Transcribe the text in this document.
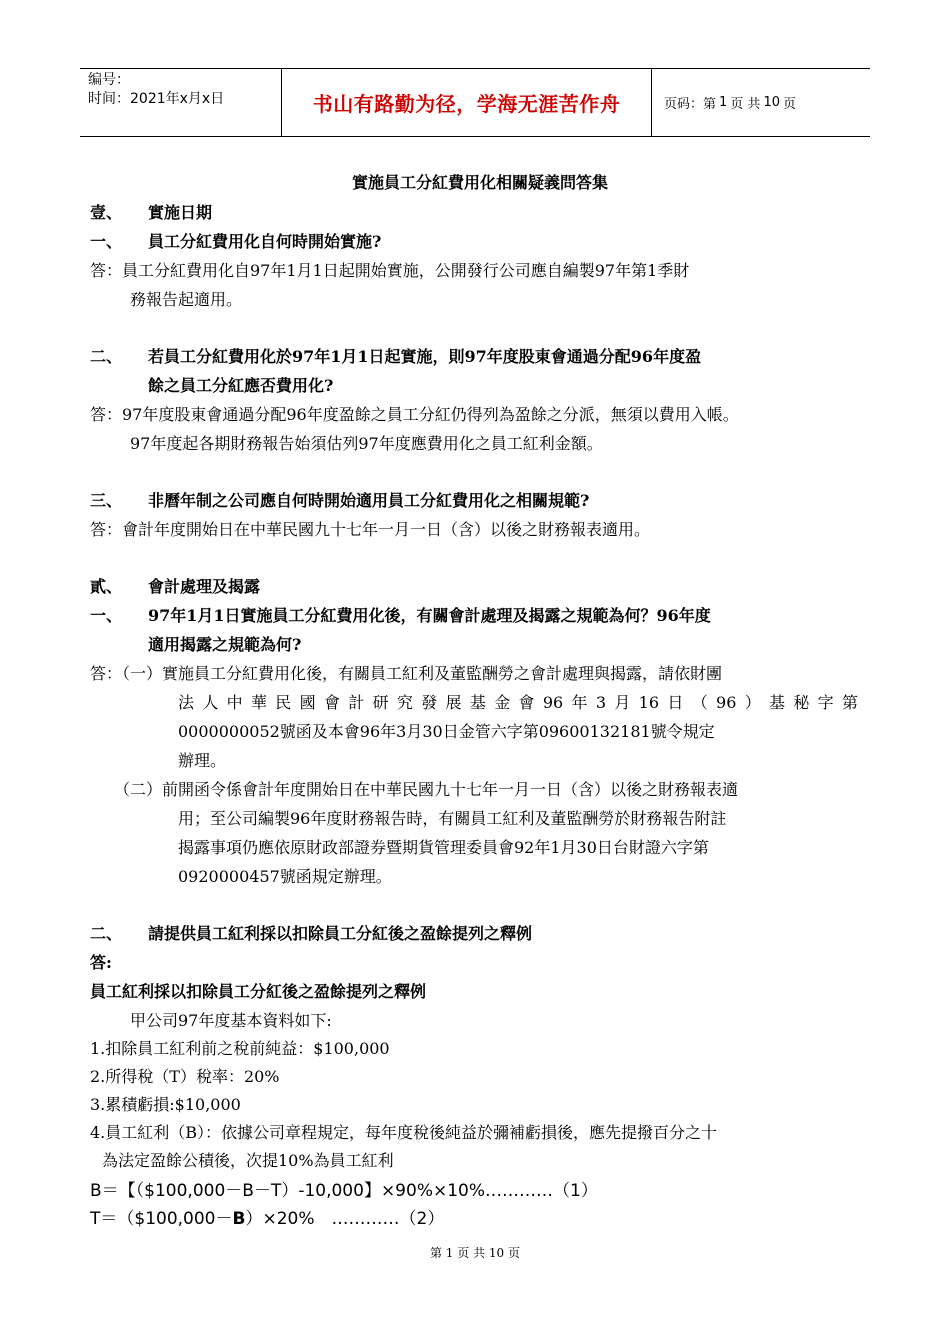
编号：
时间：2021年x月x日	书山有路勤为径，学海无涯苦作舟	页码：第 1 页 共 10 页
實施員工分紅費用化相關疑義問答集
壹、 實施日期
一、 員工分紅費用化自何時開始實施?
答：員工分紅費用化自97年1月1日起開始實施，公開發行公司應自編製97年第1季財
務報告起適用。
二、 若員工分紅費用化於97年1月1日起實施，則97年度股東會通過分配96年度盈
餘之員工分紅應否費用化?
答：97年度股東會通過分配96年度盈餘之員工分紅仍得列為盈餘之分派，無須以費用入帳。
97年度起各期財務報告始須估列97年度應費用化之員工紅利金額。
三、 非曆年制之公司應自何時開始適用員工分紅費用化之相關規範?
答：會計年度開始日在中華民國九十七年一月一日（含）以後之財務報表適用。
貳、 會計處理及揭露
一、 97年1月1日實施員工分紅費用化後，有關會計處理及揭露之規範為何？96年度
適用揭露之規範為何?
答：（一）實施員工分紅費用化後，有關員工紅利及董監酬勞之會計處理與揭露，請依財團
法人中華民國會計研究發展基金會96年3月16日（96）基秘字第
0000000052號函及本會96年3月30日金管六字第09600132181號令規定
辦理。
（二）前開函令係會計年度開始日在中華民國九十七年一月一日（含）以後之財務報表適
用；至公司編製96年度財務報告時，有關員工紅利及董監酬勞於財務報告附註
揭露事項仍應依原財政部證券暨期貨管理委員會92年1月30日台財證六字第
0920000457號函規定辦理。
二、 請提供員工紅利採以扣除員工分紅後之盈餘提列之釋例
答:
員工紅利採以扣除員工分紅後之盈餘提列之釋例
甲公司97年度基本資料如下:
1.扣除員工紅利前之稅前純益：$100,000
2.所得稅（T）稅率：20%
3.累積虧損:$10,000
4.員工紅利（B）：依據公司章程規定，每年度稅後純益於彌補虧損後，應先提撥百分之十
為法定盈餘公積後，次提10%為員工紅利
B＝【（$100,000－B－T）-10,000】×90%×10%…………（1）
T＝（$100,000－B）×20%　…………（2）
第 1 页 共 10 页
